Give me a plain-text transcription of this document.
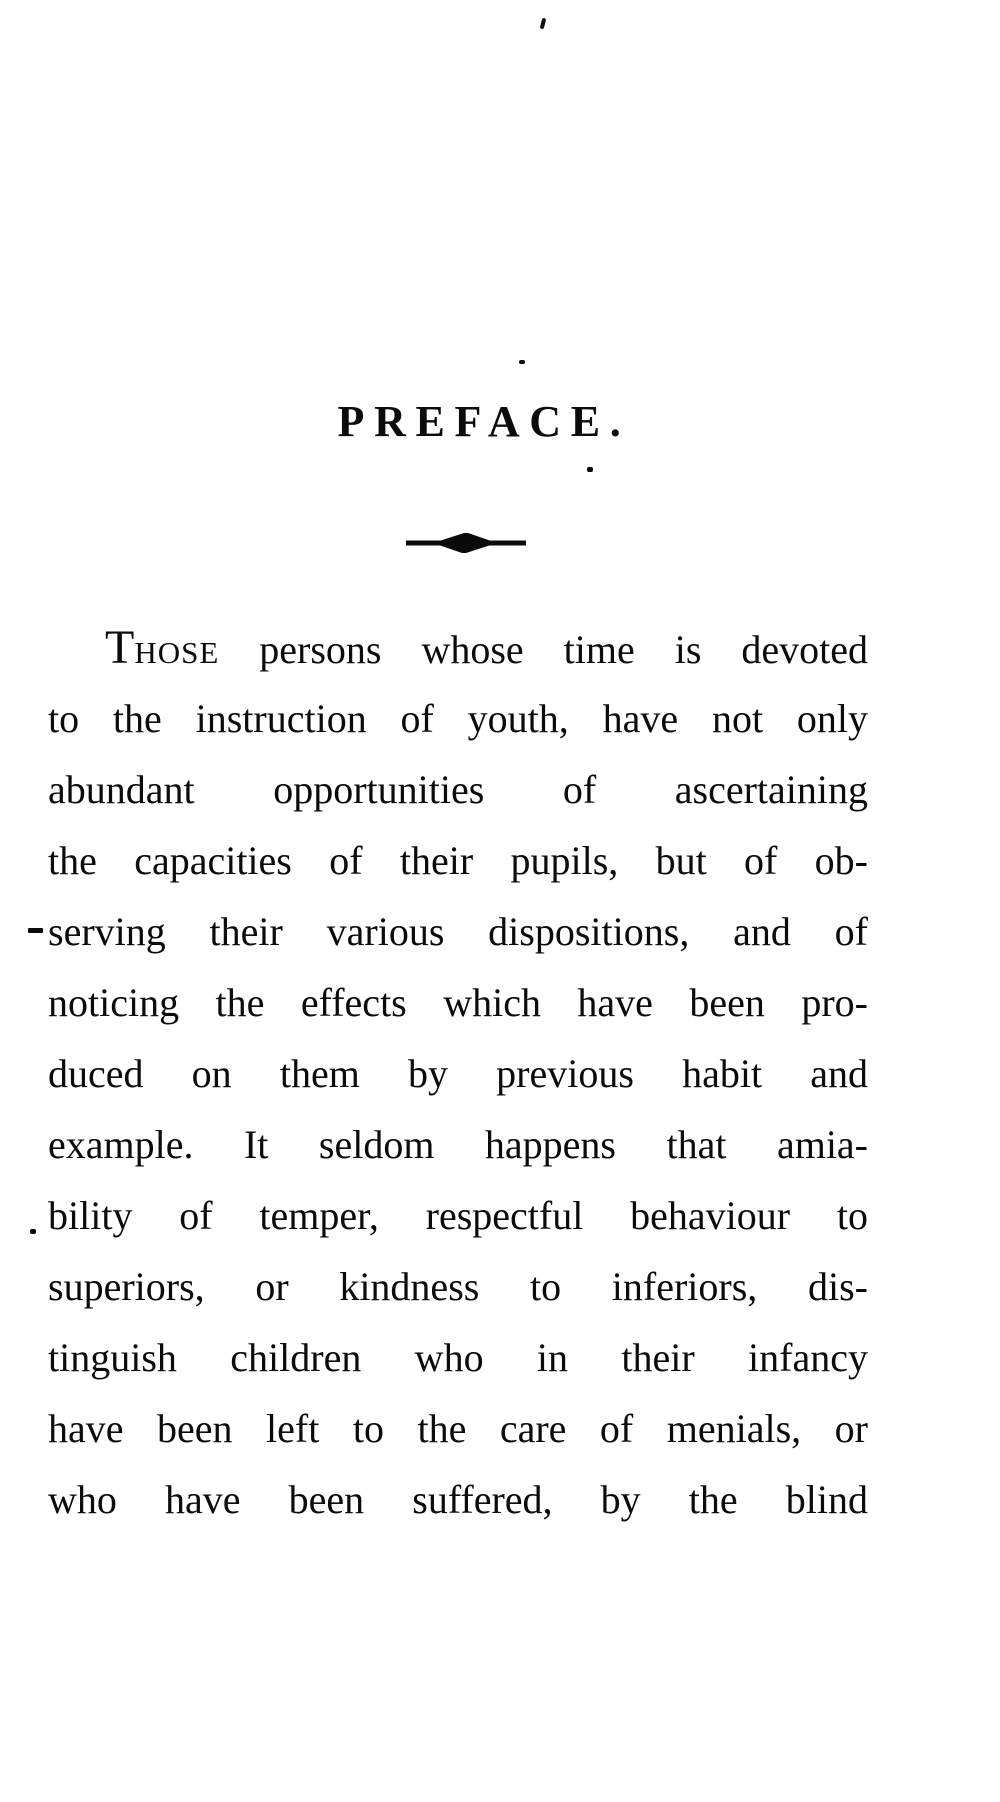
PREFACE.
THOSE persons whose time is devoted
to the instruction of youth, have not only
abundant opportunities of ascertaining
the capacities of their pupils, but of ob-
serving their various dispositions, and of
noticing the effects which have been pro-
duced on them by previous habit and
example. It seldom happens that amia-
bility of temper, respectful behaviour to
superiors, or kindness to inferiors, dis-
tinguish children who in their infancy
have been left to the care of menials, or
who have been suffered, by the blind
